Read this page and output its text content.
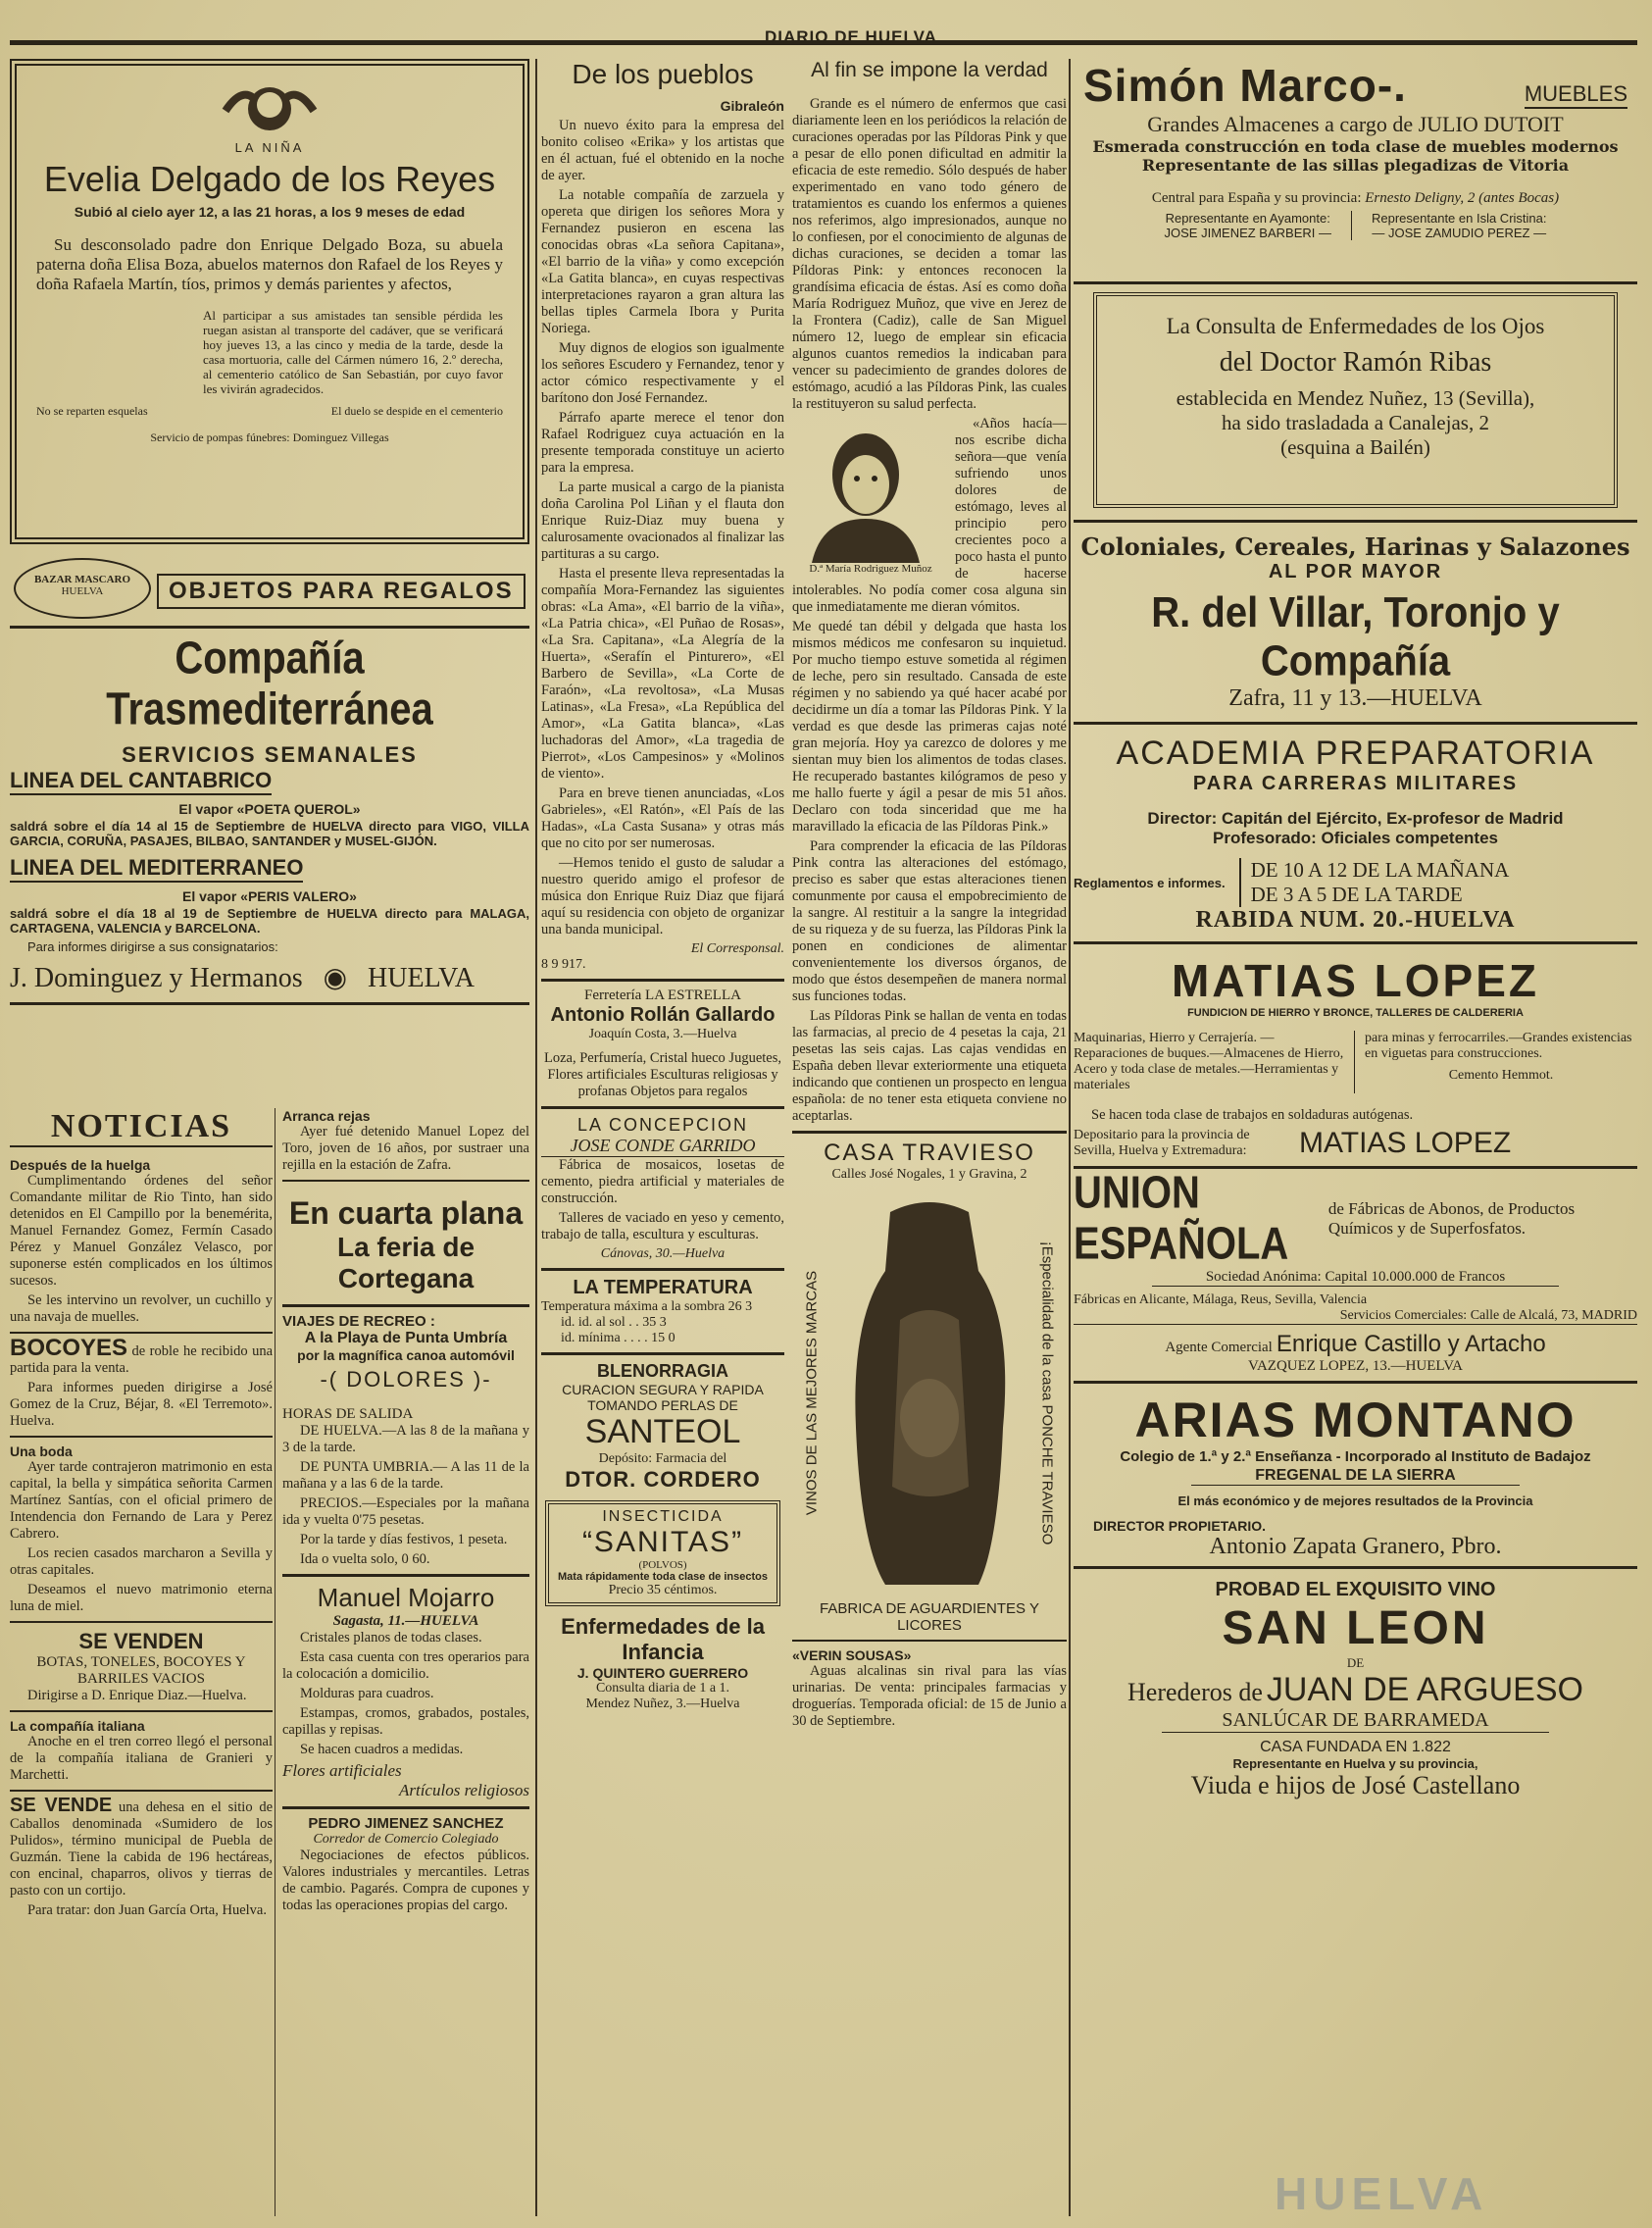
DIARIO DE HUELVA
LA NIÑA
Evelia Delgado de los Reyes
Subió al cielo ayer 12, a las 21 horas, a los 9 meses de edad

Su desconsolado padre don Enrique Delgado Boza, su abuela paterna doña Elisa Boza, abuelos maternos don Rafael de los Reyes y doña Rafaela Martín, tíos, primos y demás parientes y afectos,

Al participar a sus amistades tan sensible pérdida les ruegan asistan al transporte del cadáver, que se verificará hoy jueves 13, a las cinco y media de la tarde, desde la casa mortuoria, calle del Cármen número 16, 2.º derecha, al cementerio católico de San Sebastián, por cuyo favor les vivirán agradecidos.

No se reparten esquelas	El duelo se despide en el cementerio
Servicio de pompas fúnebres: Dominguez Villegas
BAZAR MASCARO
HUELVA	OBJETOS PARA REGALOS
Compañía Trasmediterránea
SERVICIOS SEMANALES
LINEA DEL CANTABRICO
El vapor «POETA QUEROL»

saldrá sobre el día 14 al 15 de Septiembre de HUELVA directo para VIGO, VILLA GARCIA, CORUÑA, PASAJES, BILBAO, SANTANDER y MUSEL-GIJÓN.

LINEA DEL MEDITERRANEO
El vapor «PERIS VALERO»

saldrá sobre el día 18 al 19 de Septiembre de HUELVA directo para MALAGA, CARTAGENA, VALENCIA y BARCELONA.

Para informes dirigirse a sus consignatarios:

J. Dominguez y Hermanos ◉ HUELVA
NOTICIAS
Después de la huelga

Cumplimentando órdenes del señor Comandante militar de Rio Tinto, han sido detenidos en El Campillo por la benemérita, Manuel Fernandez Gomez, Fermín Casado Pérez y Manuel González Velasco, por suponerse estén complicados en los últimos sucesos.

Se les intervino un revolver, un cuchillo y una navaja de muelles.

BOCOYES de roble he recibido una partida para la venta.

Para informes pueden dirigirse a José Gomez de la Cruz, Béjar, 8. «El Terremoto». Huelva.

Una boda

Ayer tarde contrajeron matrimonio en esta capital, la bella y simpática señorita Carmen Martínez Santías, con el oficial primero de Intendencia don Fernando de Lara y Perez Cabrero.

Los recien casados marcharon a Sevilla y otras capitales.

Deseamos el nuevo matrimonio eterna luna de miel.

SE VENDEN
BOTAS, TONELES, BOCOYES Y BARRILES VACIOS

Dirigirse a D. Enrique Diaz.—Huelva.

La compañía italiana

Anoche en el tren correo llegó el personal de la compañía italiana de Granieri y Marchetti.

SE VENDE una dehesa en el sitio de Caballos denominada «Sumidero de los Pulidos», término municipal de Puebla de Guzmán. Tiene la cabida de 196 hectáreas, con encinal, chaparros, olivos y tierras de pasto con un cortijo.

Para tratar: don Juan García Orta, Huelva.

Arranca rejas

Ayer fué detenido Manuel Lopez del Toro, joven de 16 años, por sustraer una rejilla en la estación de Zafra.

En cuarta plana
La feria de Cortegana
VIAJES DE RECREO :
A la Playa de Punta Umbría
por la magnífica canoa automóvil
-( DOLORES )-
HORAS DE SALIDA

DE HUELVA.—A las 8 de la mañana y 3 de la tarde.

DE PUNTA UMBRIA.— A las 11 de la mañana y a las 6 de la tarde.

PRECIOS.—Especiales por la mañana ida y vuelta 0'75 pesetas.

Por la tarde y días festivos, 1 peseta.

Ida o vuelta solo, 0 60.

Manuel Mojarro
Sagasta, 11.—HUELVA

Cristales planos de todas clases.

Esta casa cuenta con tres operarios para la colocación a domicilio.

Molduras para cuadros.

Estampas, cromos, grabados, postales, capillas y repisas.

Se hacen cuadros a medidas.

Flores artificiales
Artículos religiosos
PEDRO JIMENEZ SANCHEZ
Corredor de Comercio Colegiado

Negociaciones de efectos públicos. Valores industriales y mercantiles. Letras de cambio. Pagarés. Compra de cupones y todas las operaciones propias del cargo.

De los pueblos
Gibraleón

Un nuevo éxito para la empresa del bonito coliseo «Erika» y los artistas que en él actuan, fué el obtenido en la noche de ayer.

La notable compañía de zarzuela y opereta que dirigen los señores Mora y Fernandez pusieron en escena las conocidas obras «La señora Capitana», «El barrio de la viña» y como excepción «La Gatita blanca», en cuyas respectivas interpretaciones rayaron a gran altura las bellas tiples Carmela Ibora y Purita Noriega.

Muy dignos de elogios son igualmente los señores Escudero y Fernandez, tenor y actor cómico respectivamente y el barítono don José Fernandez.

Párrafo aparte merece el tenor don Rafael Rodriguez cuya actuación en la presente temporada constituye un acierto para la empresa.

La parte musical a cargo de la pianista doña Carolina Pol Liñan y el flauta don Enrique Ruiz-Diaz muy buena y calurosamente ovacionados al finalizar las partituras a su cargo.

Hasta el presente lleva representadas la compañía Mora-Fernandez las siguientes obras: «La Ama», «El barrio de la viña», «La Patria chica», «El Puñao de Rosas», «La Sra. Capitana», «La Alegría de la Huerta», «Serafín el Pinturero», «El Barbero de Sevilla», «La Corte de Faraón», «La revoltosa», «La Musas Latinas», «La Fresa», «La República del Amor», «La Gatita blanca», «Las luchadoras del Amor», «La tragedia de Pierrot», «Los Campesinos» y «Molinos de viento».

Para en breve tienen anunciadas, «Los Gabrieles», «El Ratón», «El País de las Hadas», «La Casta Susana» y otras más que no cito por ser numerosas.

—Hemos tenido el gusto de saludar a nuestro querido amigo el profesor de música don Enrique Ruiz Diaz que fijará aquí su residencia con objeto de organizar una banda municipal.

El Corresponsal.
8 9 917.
Ferretería LA ESTRELLA
Antonio Rollán Gallardo
Joaquín Costa, 3.—Huelva

Loza, Perfumería, Cristal hueco Juguetes, Flores artificiales Esculturas religiosas y profanas Objetos para regalos

LA CONCEPCION
JOSE CONDE GARRIDO

Fábrica de mosaicos, losetas de cemento, piedra artificial y materiales de construcción.

Talleres de vaciado en yeso y cemento, trabajo de talla, escultura y esculturas.

Cánovas, 30.—Huelva
LA TEMPERATURA
Temperatura máxima a la sombra 26 3
id. id. al sol . . 35 3
id. mínima . . . . 15 0
BLENORRAGIA
CURACION SEGURA Y RAPIDA
TOMANDO PERLAS DE
SANTEOL
Depósito: Farmacia del
DTOR. CORDERO
INSECTICIDA
“SANITAS”
(POLVOS)
Mata rápidamente toda clase de insectos
Precio 35 céntimos.
Enfermedades de la Infancia
J. QUINTERO GUERRERO
Consulta diaria de 1 a 1.
Mendez Nuñez, 3.—Huelva
Al fin se impone la verdad

Grande es el número de enfermos que casi diariamente leen en los periódicos la relación de curaciones operadas por las Píldoras Pink y que a pesar de ello ponen dificultad en admitir la eficacia de este remedio. Sólo después de haber experimentado en vano todo género de tratamientos es cuando los enfermos a quienes nos referimos, algo impresionados, aunque no lo confiesen, por el conocimiento de algunas de dichas curaciones, se deciden a tomar las Píldoras Pink: y entonces reconocen la grandísima eficacia de éstas. Así es como doña María Rodriguez Muñoz, que vive en Jerez de la Frontera (Cadiz), calle de San Miguel número 12, luego de emplear sin eficacia algunos cuantos remedios la indicaban para vencer su padecimiento de grandes dolores de estómago, acudió a las Píldoras Pink, las cuales la restituyeron su salud perfecta.

D.ª María Rodriguez Muñoz

«Años hacía—nos escribe dicha señora—que venía sufriendo unos dolores de estómago, leves al principio pero crecientes poco a poco hasta el punto de hacerse intolerables. No podía comer cosa alguna sin que inmediatamente me dieran vómitos.

Me quedé tan débil y delgada que hasta los mismos médicos me confesaron su inquietud. Por mucho tiempo estuve sometida al régimen de leche, pero sin resultado. Cansada de este régimen y no sabiendo ya qué hacer acabé por decidirme un día a tomar las Píldoras Pink. Y la verdad es que desde las primeras cajas noté gran mejoría. Hoy ya carezco de dolores y me sientan muy bien los alimentos de todas clases. He recuperado bastantes kilógramos de peso y me hallo fuerte y ágil a pesar de mis 51 años. Declaro con toda sinceridad que me ha maravillado la eficacia de las Píldoras Pink.»

Para comprender la eficacia de las Píldoras Pink contra las alteraciones del estómago, preciso es saber que estas alteraciones tienen comunmente por causa el empobrecimiento de la sangre. Al restituir a la sangre la integridad de su riqueza y de su fuerza, las Píldoras Pink la ponen en condiciones de alimentar convenientemente los diversos órganos, de modo que éstos desempeñen de manera normal sus funciones todas.

Las Píldoras Pink se hallan de venta en todas las farmacias, al precio de 4 pesetas la caja, 21 pesetas las seis cajas. Las cajas vendidas en España deben llevar exteriormente una etiqueta indicando que contienen un prospecto en lengua española: de no tener esta etiqueta conviene no aceptarlas.

CASA TRAVIESO
Calles José Nogales, 1 y Gravina, 2
VINOS DE LAS MEJORES MARCAS	¡Especialidad de la casa PONCHE TRAVIESO
FABRICA DE AGUARDIENTES Y LICORES
«VERIN SOUSAS»

Aguas alcalinas sin rival para las vías urinarias. De venta: principales farmacias y droguerías. Temporada oficial: de 15 de Junio a 30 de Septiembre.

Simón Marco-.	MUEBLES
Grandes Almacenes a cargo de JULIO DUTOIT
Esmerada construcción en toda clase de muebles modernos
Representante de las sillas plegadizas de Vitoria
Central para España y su provincia: Ernesto Deligny, 2 (antes Bocas)
Representante en Ayamonte:
JOSE JIMENEZ BARBERI —
Representante en Isla Cristina:
— JOSE ZAMUDIO PEREZ —
La Consulta de Enfermedades de los Ojos
del Doctor Ramón Ribas
establecida en Mendez Nuñez, 13 (Sevilla),
ha sido trasladada a Canalejas, 2
(esquina a Bailén)
Coloniales, Cereales, Harinas y Salazones
AL POR MAYOR
R. del Villar, Toronjo y Compañía
Zafra, 11 y 13.—HUELVA
ACADEMIA PREPARATORIA
PARA CARRERAS MILITARES
Director: Capitán del Ejército, Ex-profesor de Madrid
Profesorado: Oficiales competentes
Reglamentos e informes.
DE 10 A 12 DE LA MAÑANA
DE 3 A 5 DE LA TARDE
RABIDA NUM. 20.-HUELVA
MATIAS LOPEZ
FUNDICION DE HIERRO Y BRONCE, TALLERES DE CALDERERIA
Maquinarias, Hierro y Cerrajería. —Reparaciones de buques.—Almacenes de Hierro, Acero y toda clase de metales.—Herramientas y materiales
para minas y ferrocarriles.—Grandes existencias en viguetas para construcciones.
Cemento Hemmot.

Se hacen toda clase de trabajos en soldaduras autógenas.

Depositario para la provincia de Sevilla, Huelva y Extremadura:	MATIAS LOPEZ
UNION ESPAÑOLA
de Fábricas de Abonos, de Productos Químicos y de Superfosfatos.
Sociedad Anónima: Capital 10.000.000 de Francos
Fábricas en Alicante, Málaga, Reus, Sevilla, Valencia
Servicios Comerciales: Calle de Alcalá, 73, MADRID
Agente Comercial Enrique Castillo y Artacho
VAZQUEZ LOPEZ, 13.—HUELVA
ARIAS MONTANO
Colegio de 1.ª y 2.ª Enseñanza - Incorporado al Instituto de Badajoz
FREGENAL DE LA SIERRA
El más económico y de mejores resultados de la Provincia
DIRECTOR PROPIETARIO.
Antonio Zapata Granero, Pbro.
PROBAD EL EXQUISITO VINO
SAN LEON
DE
Herederos de JUAN DE ARGUESO
SANLÚCAR DE BARRAMEDA
CASA FUNDADA EN 1.822
Representante en Huelva y su provincia,
Viuda e hijos de José Castellano
HUELVA
